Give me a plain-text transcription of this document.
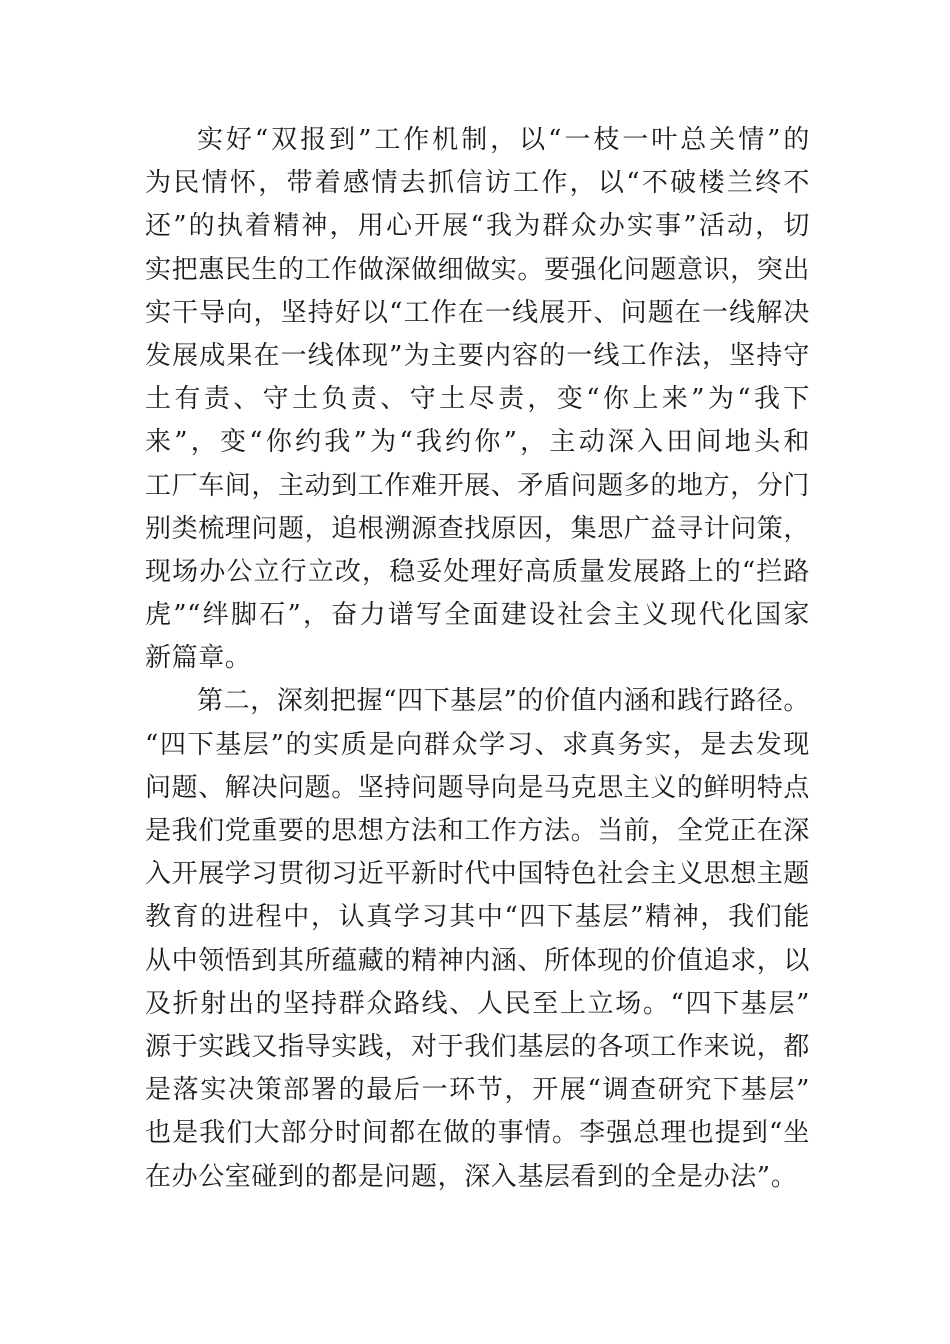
实好“双报到”工作机制，以“一枝一叶总关情”的
为民情怀，带着感情去抓信访工作，以“不破楼兰终不
还”的执着精神，用心开展“我为群众办实事”活动，切
实把惠民生的工作做深做细做实。要强化问题意识，突出
实干导向，坚持好以“工作在一线展开、问题在一线解决
发展成果在一线体现”为主要内容的一线工作法，坚持守
土有责、守土负责、守土尽责，变“你上来”为“我下
来”，变“你约我”为“我约你”，主动深入田间地头和
工厂车间，主动到工作难开展、矛盾问题多的地方，分门
别类梳理问题，追根溯源查找原因，集思广益寻计问策，
现场办公立行立改，稳妥处理好高质量发展路上的“拦路
虎”“绊脚石”，奋力谱写全面建设社会主义现代化国家
新篇章。
第二，深刻把握“四下基层”的价值内涵和践行路径。
“四下基层”的实质是向群众学习、求真务实，是去发现
问题、解决问题。坚持问题导向是马克思主义的鲜明特点
是我们党重要的思想方法和工作方法。当前，全党正在深
入开展学习贯彻习近平新时代中国特色社会主义思想主题
教育的进程中，认真学习其中“四下基层”精神，我们能
从中领悟到其所蕴藏的精神内涵、所体现的价值追求，以
及折射出的坚持群众路线、人民至上立场。“四下基层”
源于实践又指导实践，对于我们基层的各项工作来说，都
是落实决策部署的最后一环节，开展“调查研究下基层”
也是我们大部分时间都在做的事情。李强总理也提到“坐
在办公室碰到的都是问题，深入基层看到的全是办法”。
